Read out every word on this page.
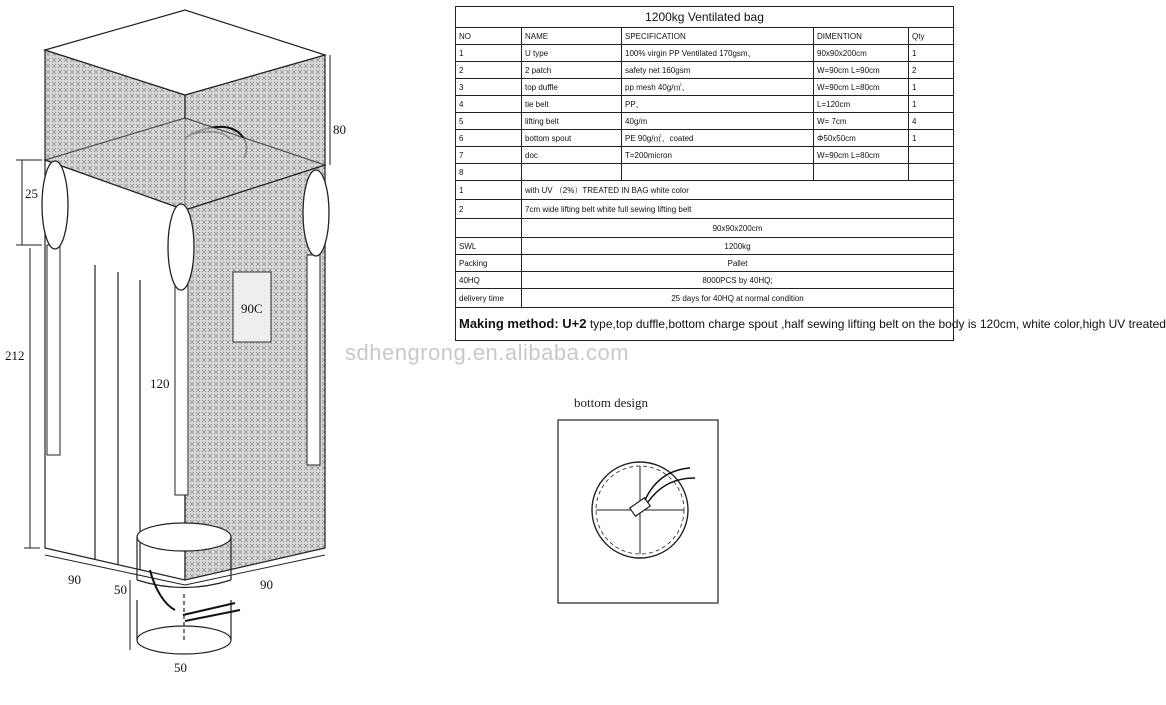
80
25
212
120
90C
90	90
50
50
1200kg Ventilated bag				
NO	NAME	SPECIFICATION	DIMENTION	Qty
1	U type	100% virgin PP Ventilated 170gsm、	90x90x200cm	1
2	2 patch	safety net 160gsm	W=90cm L=90cm	2
3	top duffle	pp mesh 40g/㎡、	W=90cm L=80cm	1
4	tie belt	PP、	L=120cm	1
5	lifting belt	40g/m	W= 7cm	4
6	bottom spout	PE 90g/㎡、coated	Φ50x50cm	1
7	doc	T=200micron	W=90cm L=80cm	
8				
1	with UV （2%）TREATED IN BAG white color			
2	7cm wide lifting belt white full sewing lifting belt			
	90x90x200cm			
SWL	1200kg			
Packing	Pallet			
40HQ	8000PCS by 40HQ;			
delivery time	25 days for 40HQ at normal condition			
Making method: U+2 type,top duffle,bottom charge spout ,half sewing lifting belt on the body is 120cm, white color,high UV treated				
sdhengrong.en.alibaba.com
bottom design
